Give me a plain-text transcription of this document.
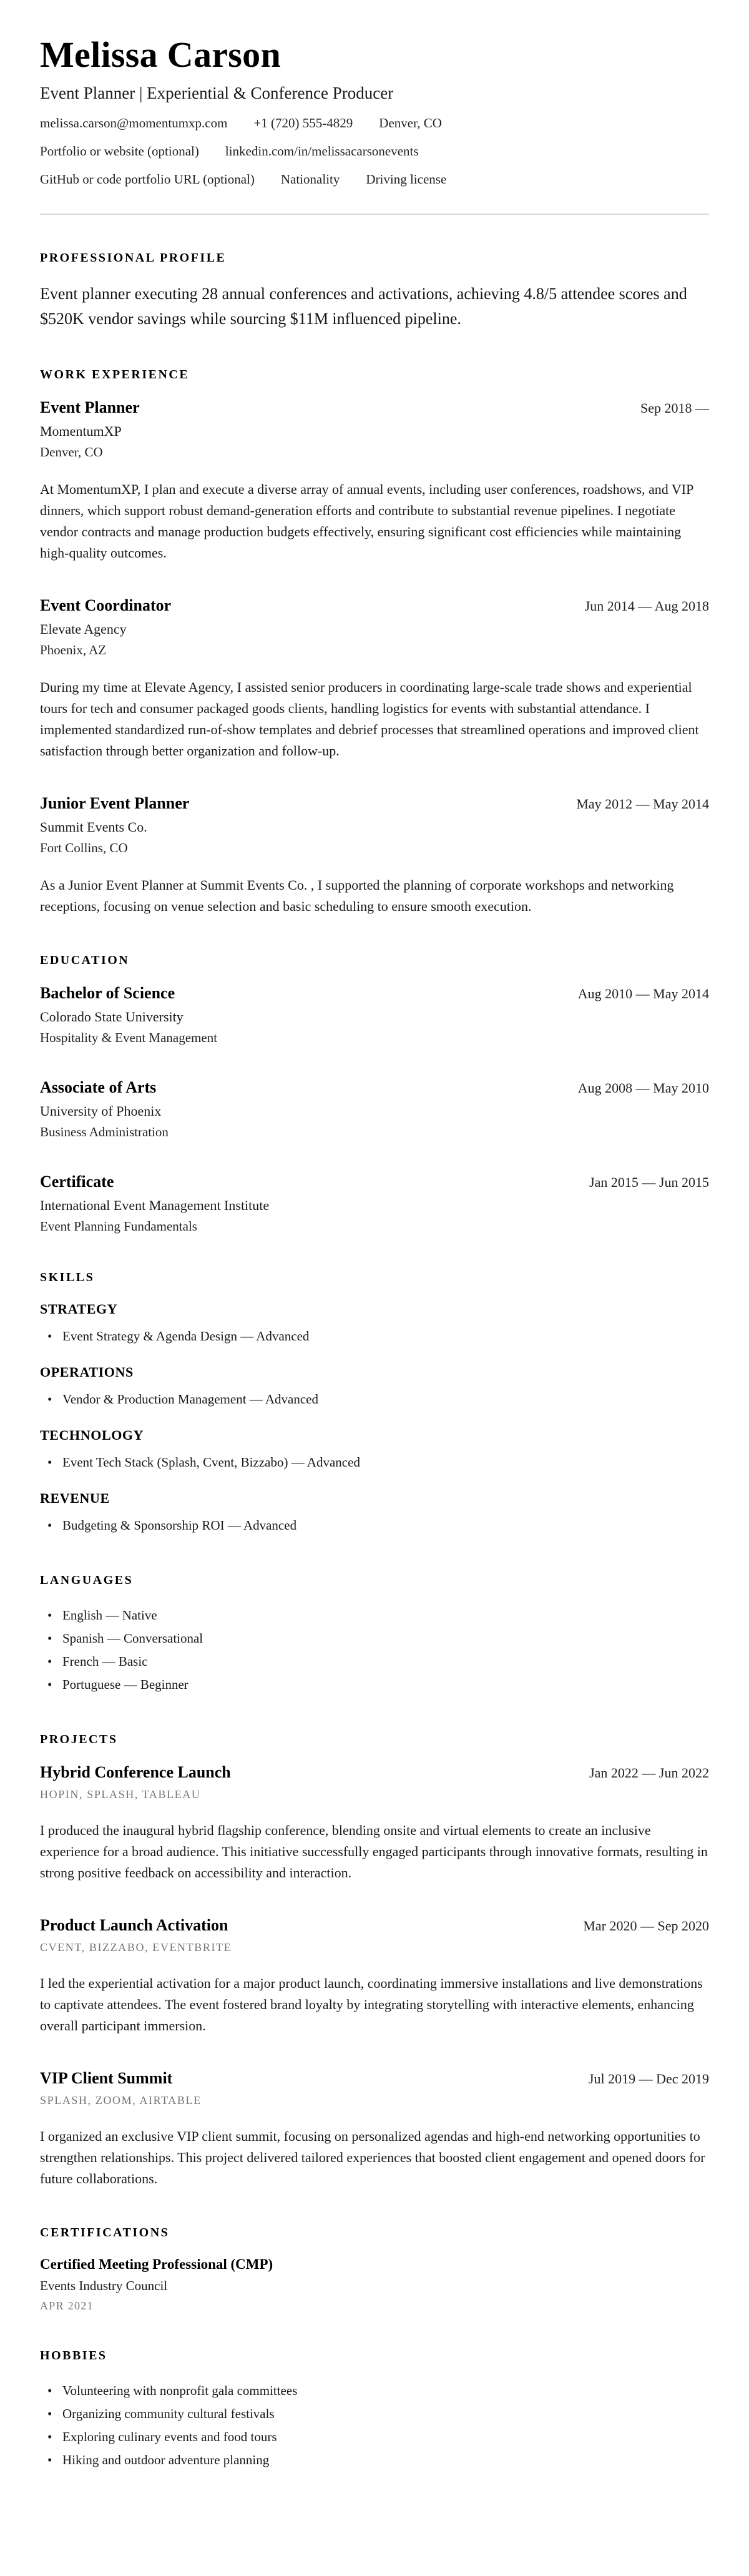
Melissa Carson
Event Planner | Experiential & Conference Producer
melissa.carson@momentumxp.com +1 (720) 555-4829 Denver, CO
Portfolio or website (optional) linkedin.com/in/melissacarsonevents
GitHub or code portfolio URL (optional) Nationality Driving license
PROFESSIONAL PROFILE

Event planner executing 28 annual conferences and activations, achieving 4.8/5 attendee scores and $520K vendor savings while sourcing $11M influenced pipeline.

WORK EXPERIENCE
Event Planner	Sep 2018 —
MomentumXP
Denver, CO

At MomentumXP, I plan and execute a diverse array of annual events, including user conferences, roadshows, and VIP dinners, which support robust demand-generation efforts and contribute to substantial revenue pipelines. I negotiate vendor contracts and manage production budgets effectively, ensuring significant cost efficiencies while maintaining high-quality outcomes.

Event Coordinator	Jun 2014 — Aug 2018
Elevate Agency
Phoenix, AZ

During my time at Elevate Agency, I assisted senior producers in coordinating large-scale trade shows and experiential tours for tech and consumer packaged goods clients, handling logistics for events with substantial attendance. I implemented standardized run-of-show templates and debrief processes that streamlined operations and improved client satisfaction through better organization and follow-up.

Junior Event Planner	May 2012 — May 2014
Summit Events Co.
Fort Collins, CO

As a Junior Event Planner at Summit Events Co. , I supported the planning of corporate workshops and networking receptions, focusing on venue selection and basic scheduling to ensure smooth execution.

EDUCATION
Bachelor of Science	Aug 2010 — May 2014
Colorado State University
Hospitality & Event Management
Associate of Arts	Aug 2008 — May 2010
University of Phoenix
Business Administration
Certificate	Jan 2015 — Jun 2015
International Event Management Institute
Event Planning Fundamentals
SKILLS
STRATEGY
• Event Strategy & Agenda Design — Advanced
OPERATIONS
• Vendor & Production Management — Advanced
TECHNOLOGY
• Event Tech Stack (Splash, Cvent, Bizzabo) — Advanced
REVENUE
• Budgeting & Sponsorship ROI — Advanced
LANGUAGES
• English — Native
• Spanish — Conversational
• French — Basic
• Portuguese — Beginner
PROJECTS
Hybrid Conference Launch	Jan 2022 — Jun 2022
HOPIN, SPLASH, TABLEAU

I produced the inaugural hybrid flagship conference, blending onsite and virtual elements to create an inclusive experience for a broad audience. This initiative successfully engaged participants through innovative formats, resulting in strong positive feedback on accessibility and interaction.

Product Launch Activation	Mar 2020 — Sep 2020
CVENT, BIZZABO, EVENTBRITE

I led the experiential activation for a major product launch, coordinating immersive installations and live demonstrations to captivate attendees. The event fostered brand loyalty by integrating storytelling with interactive elements, enhancing overall participant immersion.

VIP Client Summit	Jul 2019 — Dec 2019
SPLASH, ZOOM, AIRTABLE

I organized an exclusive VIP client summit, focusing on personalized agendas and high-end networking opportunities to strengthen relationships. This project delivered tailored experiences that boosted client engagement and opened doors for future collaborations.

CERTIFICATIONS
Certified Meeting Professional (CMP)
Events Industry Council
APR 2021
HOBBIES
• Volunteering with nonprofit gala committees
• Organizing community cultural festivals
• Exploring culinary events and food tours
• Hiking and outdoor adventure planning
